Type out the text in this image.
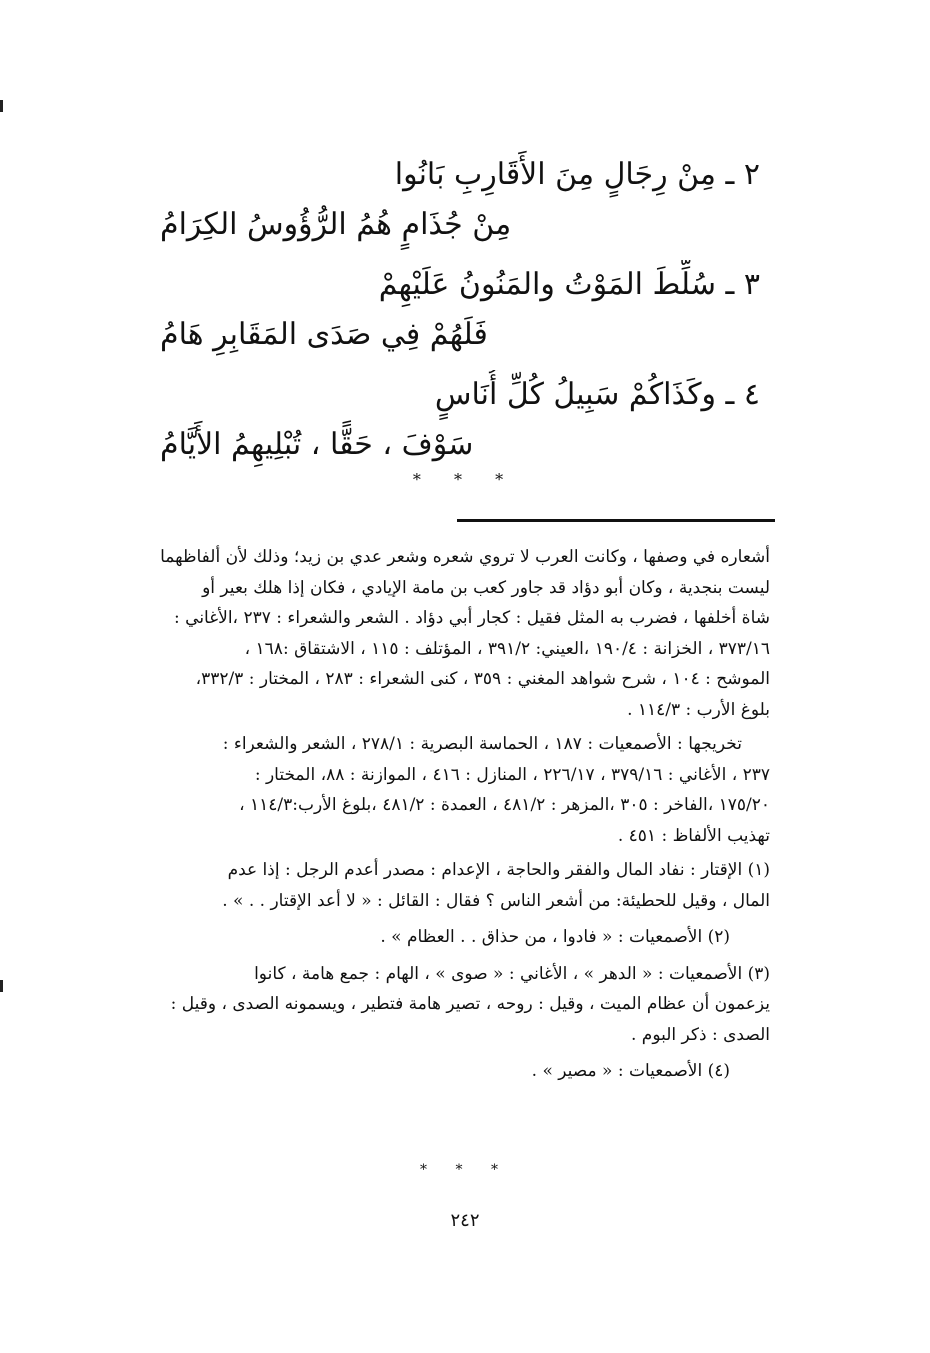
٢ ـ مِنْ رِجَالٍ مِنَ الأَقَارِبِ بَانُوا
مِنْ جُذَامٍ هُمُ الرُّؤُوسُ الكِرَامُ
٣ ـ سُلِّطَ المَوْتُ والمَنُونُ عَلَيْهِمْ
فَلَهُمْ فِي صَدَى المَقَابِرِ هَامُ
٤ ـ وكَذَاكُمْ سَبِيلُ كُلِّ أُنَاسٍ
سَوْفَ ، حَقًّا ، تُبْلِيهِمُ الأَيَّامُ
* * *
أشعاره في وصفها ، وكانت العرب لا تروي شعره وشعر عدي بن زيد؛ وذلك لأن ألفاظهما
ليست بنجدية ، وكان أبو دؤاد قد جاور كعب بن مامة الإيادي ، فكان إذا هلك بعير أو
شاة أخلفها ، فضرب به المثل فقيل : كجار أبي دؤاد . الشعر والشعراء : ٢٣٧ ،الأغاني :
٣٧٣/١٦ ، الخزانة : ١٩٠/٤ ،العيني: ٣٩١/٢ ، المؤتلف : ١١٥ ، الاشتقاق :١٦٨ ،
الموشح : ١٠٤ ، شرح شواهد المغني : ٣٥٩ ، كنى الشعراء : ٢٨٣ ، المختار : ٣٣٢/٣،
بلوغ الأرب : ١١٤/٣ .
تخريجها : الأصمعيات : ١٨٧ ، الحماسة البصرية : ٢٧٨/١ ، الشعر والشعراء :
٢٣٧ ، الأغاني : ٣٧٩/١٦ ، ٢٢٦/١٧ ، المنازل : ٤١٦ ، الموازنة : ٨٨، المختار :
١٧٥/٢٠ ،الفاخر : ٣٠٥ ،المزهر : ٤٨١/٢ ، العمدة : ٤٨١/٢ ،بلوغ الأرب:١١٤/٣ ،
تهذيب الألفاظ : ٤٥١ .
(١) الإقتار : نفاد المال والفقر والحاجة ، الإعدام : مصدر أعدم الرجل : إذا عدم
المال ، وقيل للحطيئة: من أشعر الناس ؟ فقال : القائل : « لا أعد الإقتار . . » .
(٢) الأصمعيات : « فادوا ، من حذاق . . العظام » .
(٣) الأصمعيات : « الدهر » ، الأغاني : « صوى » ، الهام : جمع هامة ، كانوا
يزعمون أن عظام الميت ، وقيل : روحه ، تصير هامة فتطير ، ويسمونه الصدى ، وقيل :
الصدى : ذكر البوم .
(٤) الأصمعيات : « مصير » .
* * *
٢٤٢
